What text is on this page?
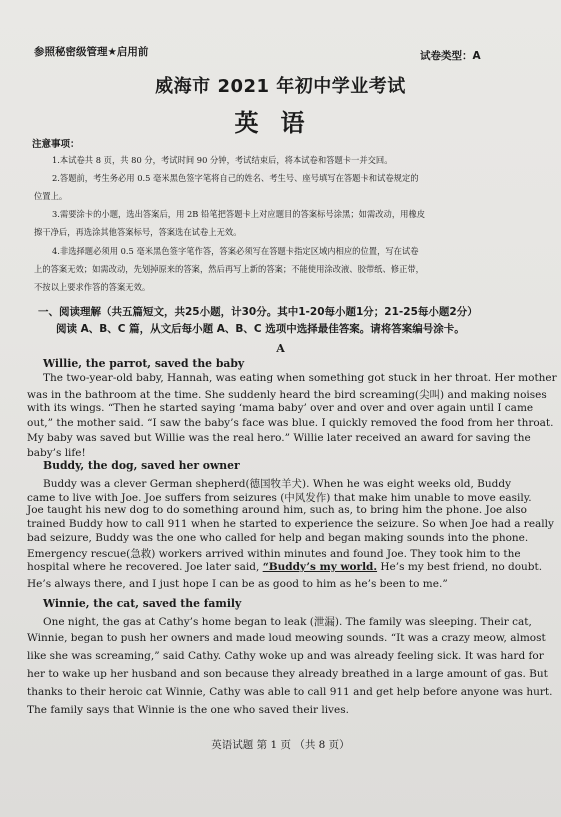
参照秘密级管理★启用前	试卷类型：A
威海市 2021 年初中学业考试
英语
注意事项：
1.本试卷共 8 页，共 80 分，考试时间 90 分钟，考试结束后，将本试卷和答题卡一并交回。
2.答题前，考生务必用 0.5 毫米黑色签字笔将自己的姓名、考生号、座号填写在答题卡和试卷规定的
位置上。
3.需要涂卡的小题，选出答案后，用 2B 铅笔把答题卡上对应题目的答案标号涂黑；如需改动，用橡皮
擦干净后，再选涂其他答案标号，答案选在试卷上无效。
4.非选择题必须用 0.5 毫米黑色签字笔作答，答案必须写在答题卡指定区域内相应的位置，写在试卷
上的答案无效；如需改动，先划掉原来的答案，然后再写上新的答案；不能使用涂改液、胶带纸、修正带，
不按以上要求作答的答案无效。
一、阅读理解（共五篇短文，共25小题，计30分。其中1-20每小题1分；21-25每小题2分）
阅读 A、B、C 篇，从文后每小题 A、B、C 选项中选择最佳答案。请将答案编号涂卡。
A
Willie, the parrot, saved the baby
The two-year-old baby, Hannah, was eating when something got stuck in her throat. Her mother
was in the bathroom at the time. She suddenly heard the bird screaming(尖叫) and making noises
with its wings. “Then he started saying ‘mama baby’ over and over and over again until I came
out,” the mother said. “I saw the baby’s face was blue. I quickly removed the food from her throat.
My baby was saved but Willie was the real hero.” Willie later received an award for saving the
baby’s life!
Buddy, the dog, saved her owner
Buddy was a clever German shepherd(德国牧羊犬). When he was eight weeks old, Buddy
came to live with Joe. Joe suffers from seizures (中风发作) that make him unable to move easily.
Joe taught his new dog to do something around him, such as, to bring him the phone. Joe also
trained Buddy how to call 911 when he started to experience the seizure. So when Joe had a really
bad seizure, Buddy was the one who called for help and began making sounds into the phone.
Emergency rescue(急救) workers arrived within minutes and found Joe. They took him to the
hospital where he recovered. Joe later said, “Buddy’s my world. He’s my best friend, no doubt.
He’s always there, and I just hope I can be as good to him as he’s been to me.”
Winnie, the cat, saved the family
英语试题 第 1 页 （共 8 页）
One night, the gas at Cathy’s home began to leak (泄漏). The family was sleeping. Their cat,
Winnie, began to push her owners and made loud meowing sounds. “It was a crazy meow, almost
like she was screaming,” said Cathy. Cathy woke up and was already feeling sick. It was hard for
her to wake up her husband and son because they already breathed in a large amount of gas. But
thanks to their heroic cat Winnie, Cathy was able to call 911 and get help before anyone was hurt.
The family says that Winnie is the one who saved their lives.
